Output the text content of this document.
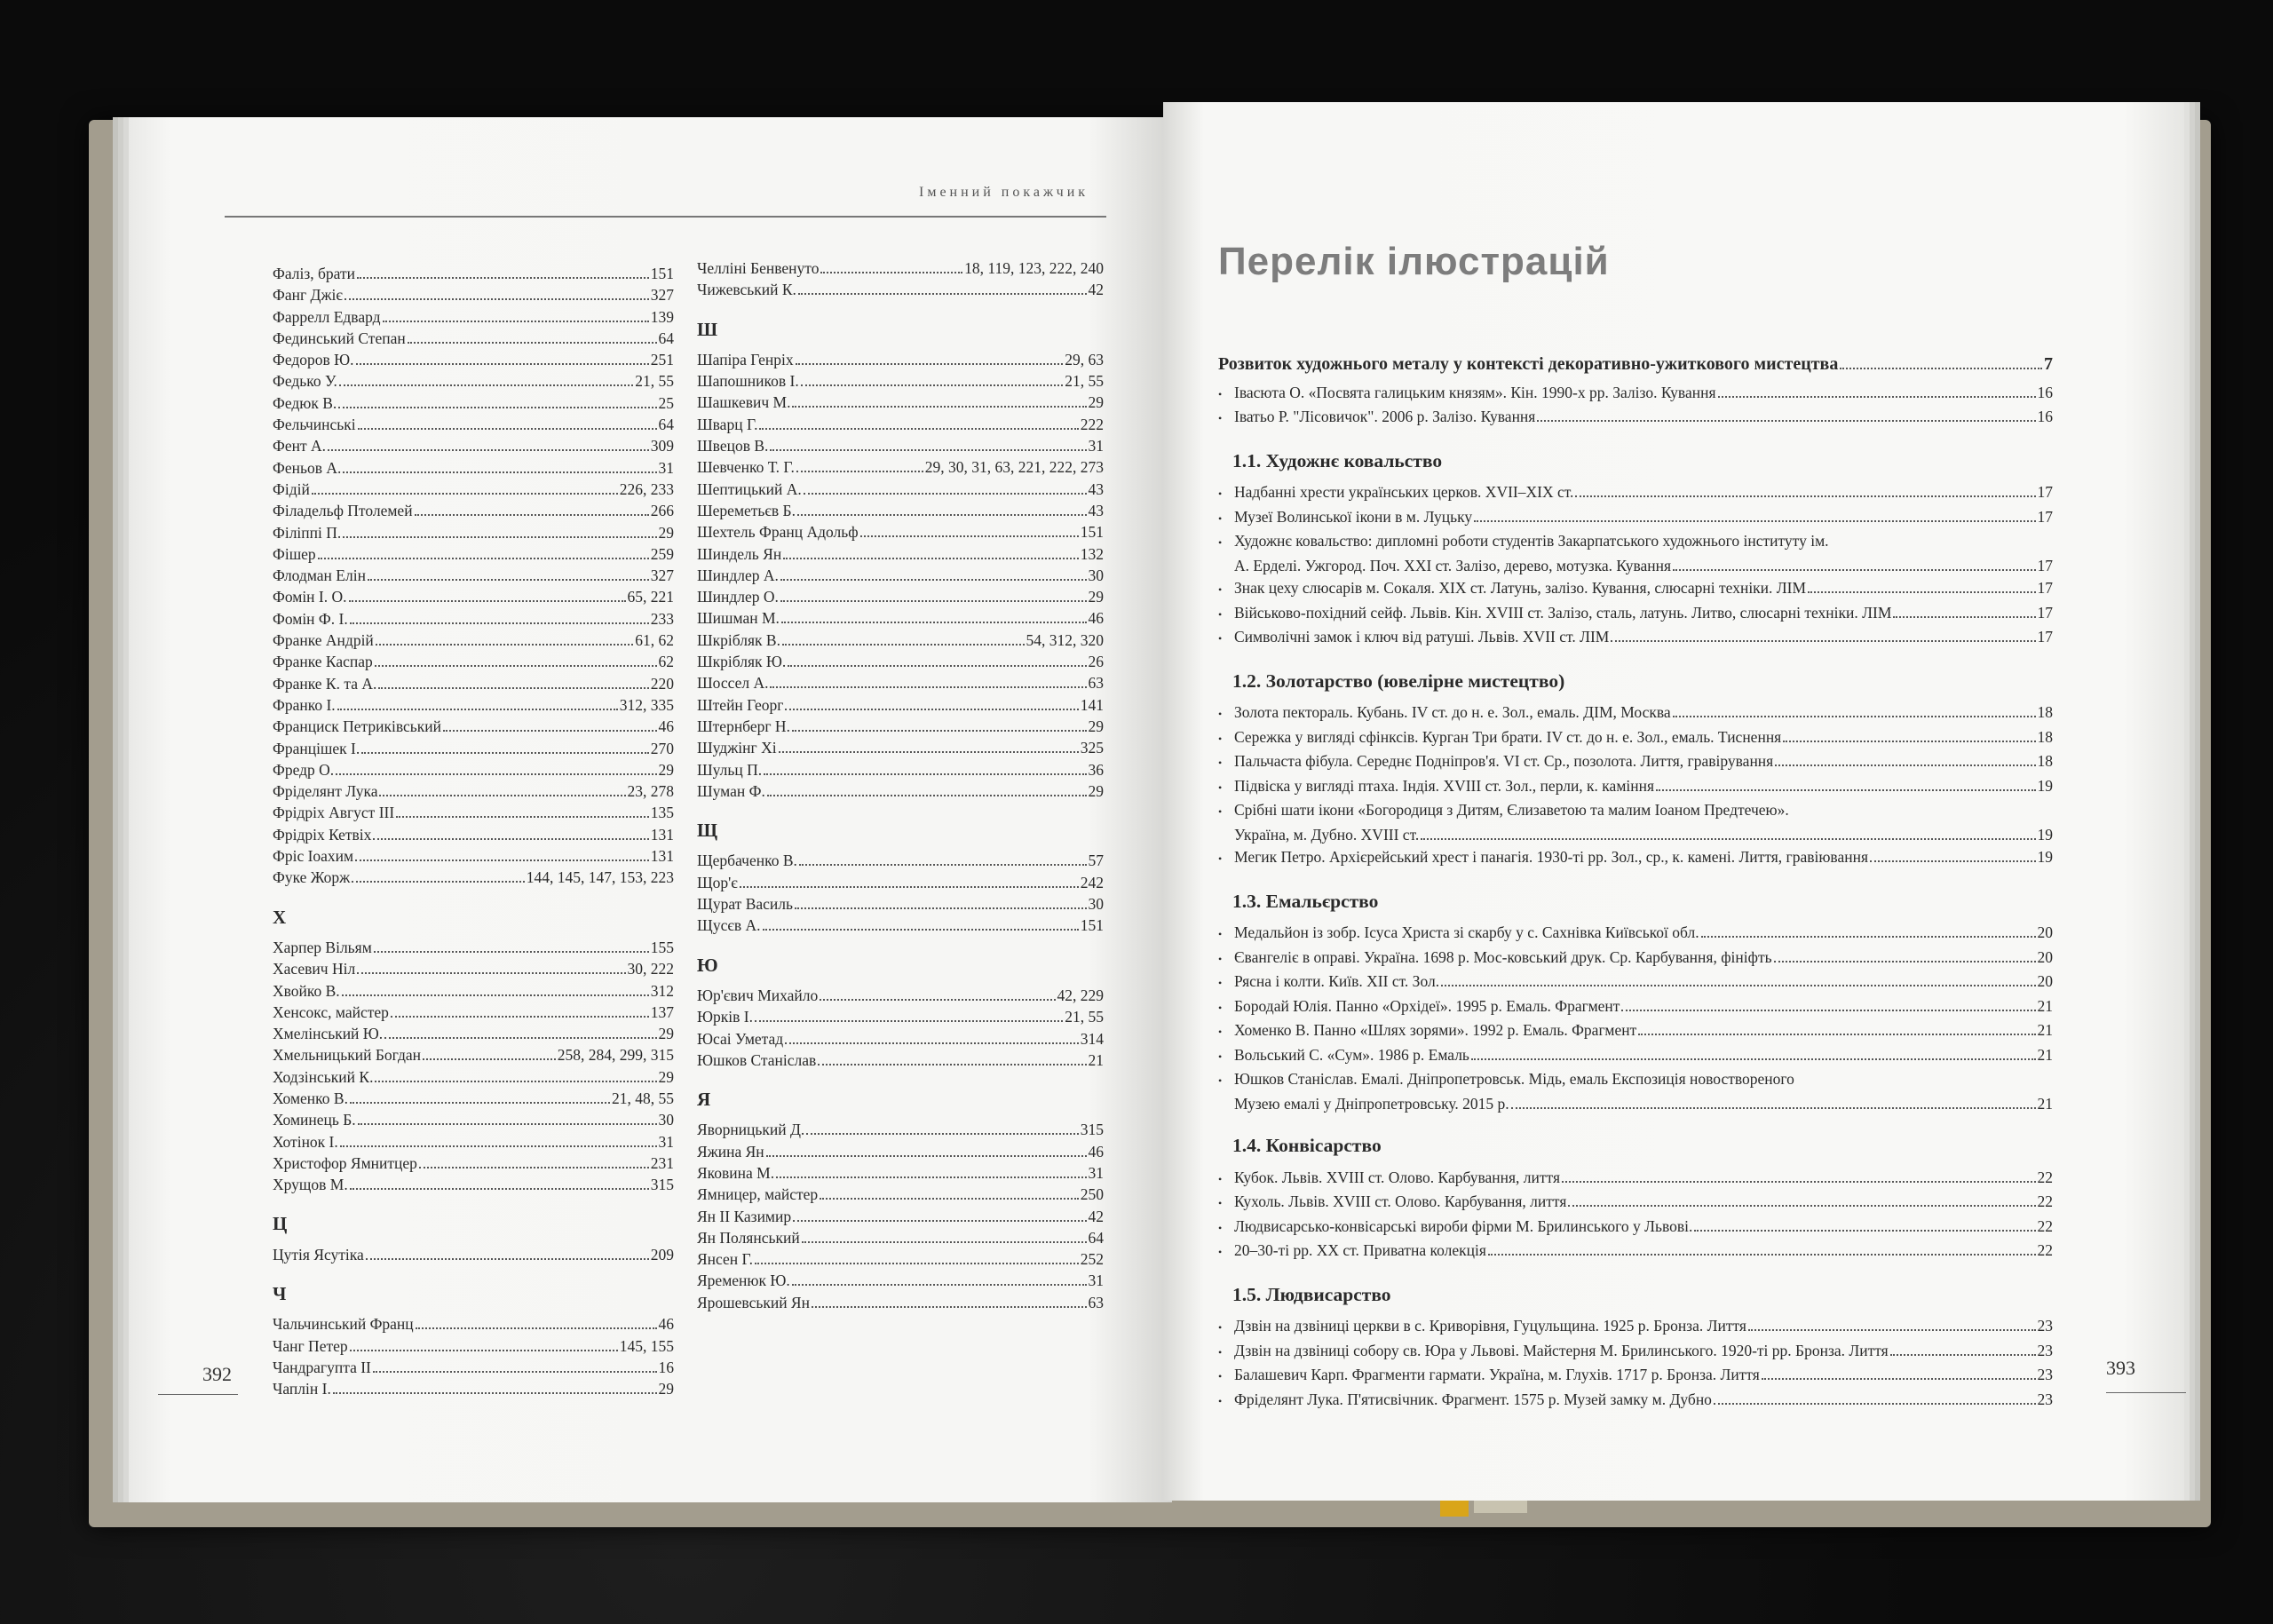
Іменний покажчик
Фаліз, брати	151
Фанг Джіє	327
Фаррелл Едвард	139
Фединський Степан	64
Федоров Ю.	251
Федько У.	21, 55
Федюк В.	25
Фельчинські	64
Фент А.	309
Феньов А.	31
Фідій	226, 233
Філадельф Птолемей	266
Філіппі П.	29
Фішер	259
Флодман Елін	327
Фомін І. О.	65, 221
Фомін Ф. І.	233
Франке Андрій	61, 62
Франке Каспар	62
Франке К. та А.	220
Франко І.	312, 335
Франциск Петриківський	46
Францішек І.	270
Фредр О.	29
Фріделянт Лука	23, 278
Фрідріх Август ІІІ	135
Фрідріх Кетвіх	131
Фріс Іоахим	131
Фуке Жорж	144, 145, 147, 153, 223
Х
Харпер Вільям	155
Хасевич Ніл	30, 222
Хвойко В.	312
Хенсокс, майстер	137
Хмелінський Ю.	29
Хмельницький Богдан	258, 284, 299, 315
Ходзінський К.	29
Хоменко В.	21, 48, 55
Хоминець Б.	30
Хотінок І.	31
Христофор Ямнитцер	231
Хрущов М.	315
Ц
Цутія Ясутіка	209
Ч
Чальчинський Франц	46
Чанг Петер	145, 155
Чандрагупта ІІ	16
Чаплін І.	29
Челліні Бенвенуто	18, 119, 123, 222, 240
Чижевський К.	42
Ш
Шапіра Генріх	29, 63
Шапошников І.	21, 55
Шашкевич М.	29
Шварц Г.	222
Швецов В.	31
Шевченко Т. Г.	29, 30, 31, 63, 221, 222, 273
Шептицький А.	43
Шереметьєв Б.	43
Шехтель Франц Адольф	151
Шиндель Ян	132
Шиндлер А.	30
Шиндлер О.	29
Шишман М.	46
Шкрібляк В.	54, 312, 320
Шкрібляк Ю.	26
Шоссел А.	63
Штейн Георг	141
Штернберг Н.	29
Шуджінг Хі	325
Шульц П.	36
Шуман Ф.	29
Щ
Щербаченко В.	57
Щор'є	242
Щурат Василь	30
Щусєв А.	151
Ю
Юр'євич Михайло	42, 229
Юрків І.	21, 55
Юсаі Уметад	314
Юшков Станіслав	21
Я
Яворницький Д.	315
Яжина Ян	46
Яковина М.	31
Ямницер, майстер	250
Ян ІІ Казимир	42
Ян Полянський	64
Янсен Г.	252
Яременюк Ю.	31
Ярошевський Ян	63
392
Перелік ілюстрацій
Розвиток художнього металу у контексті декоративно-ужиткового мистецтва	7
• Івасюта О. «Посвята галицьким князям». Кін. 1990-х рр. Залізо. Кування	16
• Іватьо Р. "Лісовичок". 2006 р. Залізо. Кування	16
1.1. Художнє ковальство
• Надбанні хрести українських церков. XVII–XIX ст.	17
• Музеї Волинської ікони в м. Луцьку	17
• Художнє ковальство: дипломні роботи студентів Закарпатського художнього інституту ім.
А. Ерделі. Ужгород. Поч. XXI ст. Залізо, дерево, мотузка. Кування	17
• Знак цеху слюсарів м. Сокаля. XIX ст. Латунь, залізо. Кування, слюсарні техніки. ЛІМ	17
• Військово-похідний сейф. Львів. Кін. XVIII ст. Залізо, сталь, латунь. Литво, слюсарні техніки. ЛІМ	17
• Символічні замок і ключ від ратуші. Львів. XVII ст. ЛІМ	17
1.2. Золотарство (ювелірне мистецтво)
• Золота пектораль. Кубань. IV ст. до н. е. Зол., емаль. ДІМ, Москва	18
• Сережка у вигляді сфінксів. Курган Три брати. IV ст. до н. е. Зол., емаль. Тиснення	18
• Пальчаста фібула. Середнє Подніпров'я. VI ст. Ср., позолота. Лиття, гравірування	18
• Підвіска у вигляді птаха. Індія. XVIII ст. Зол., перли, к. каміння	19
• Срібні шати ікони «Богородиця з Дитям, Єлизаветою та малим Іоаном Предтечею».
Україна, м. Дубно. XVIII ст.	19
• Мегик Петро. Архієрейський хрест і панагія. 1930-ті рр. Зол., ср., к. камені. Лиття, гравіювання	19
1.3. Емальєрство
• Медальйон із зобр. Ісуса Христа зі скарбу у с. Сахнівка Київської обл.	20
• Євангеліє в оправі. Україна. 1698 р. Мос-ковський друк. Ср. Карбування, фініфть	20
• Рясна і колти. Київ. XII ст. Зол.	20
• Бородай Юлія. Панно «Орхідеї». 1995 р. Емаль. Фрагмент	21
• Хоменко В. Панно «Шлях зорями». 1992 р. Емаль. Фрагмент	21
• Вольський С. «Сум». 1986 р. Емаль	21
• Юшков Станіслав. Емалі. Дніпропетровськ. Мідь, емаль Експозиція новоствореного
Музею емалі у Дніпропетровську. 2015 р.	21
1.4. Конвісарство
• Кубок. Львів. XVIII ст. Олово. Карбування, лиття	22
• Кухоль. Львів. XVIII ст. Олово. Карбування, лиття	22
• Людвисарсько-конвісарські вироби фірми М. Брилинського у Львові.	22
• 20–30-ті рр. XX ст. Приватна колекція	22
1.5. Людвисарство
• Дзвін на дзвіниці церкви в с. Криворівня, Гуцульщина. 1925 р. Бронза. Лиття	23
• Дзвін на дзвіниці собору св. Юра у Львові. Майстерня М. Брилинського. 1920-ті рр. Бронза. Лиття	23
• Балашевич Карп. Фрагменти гармати. Україна, м. Глухів. 1717 р. Бронза. Лиття	23
• Фріделянт Лука. П'ятисвічник. Фрагмент. 1575 р. Музей замку м. Дубно	23
393
